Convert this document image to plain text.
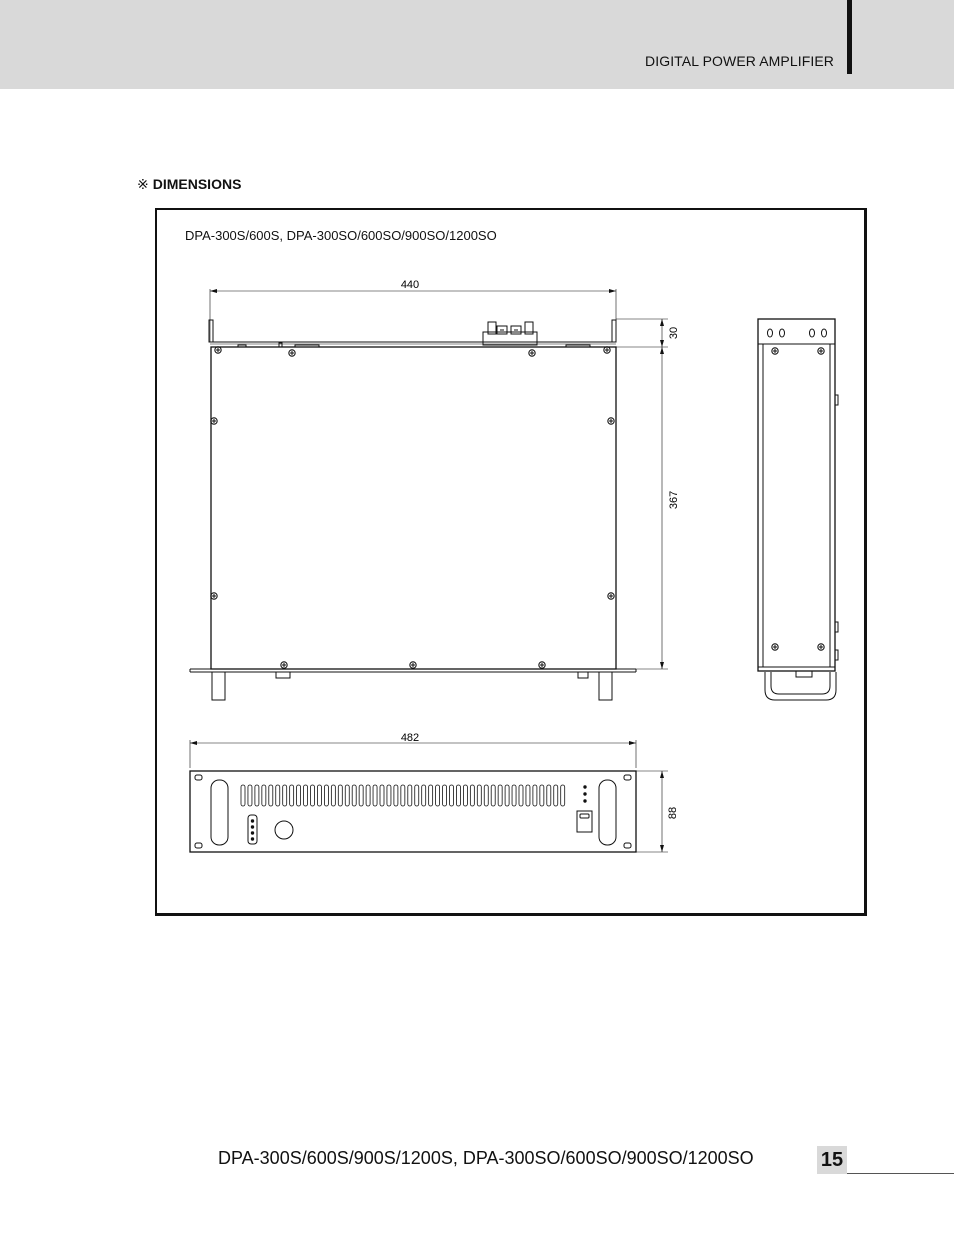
DIGITAL POWER AMPLIFIER
※ DIMENSIONS
DPA-300S/600S, DPA-300SO/600SO/900SO/1200SO
440
30
367
482
88
DPA-300S/600S/900S/1200S, DPA-300SO/600SO/900SO/1200SO	15
